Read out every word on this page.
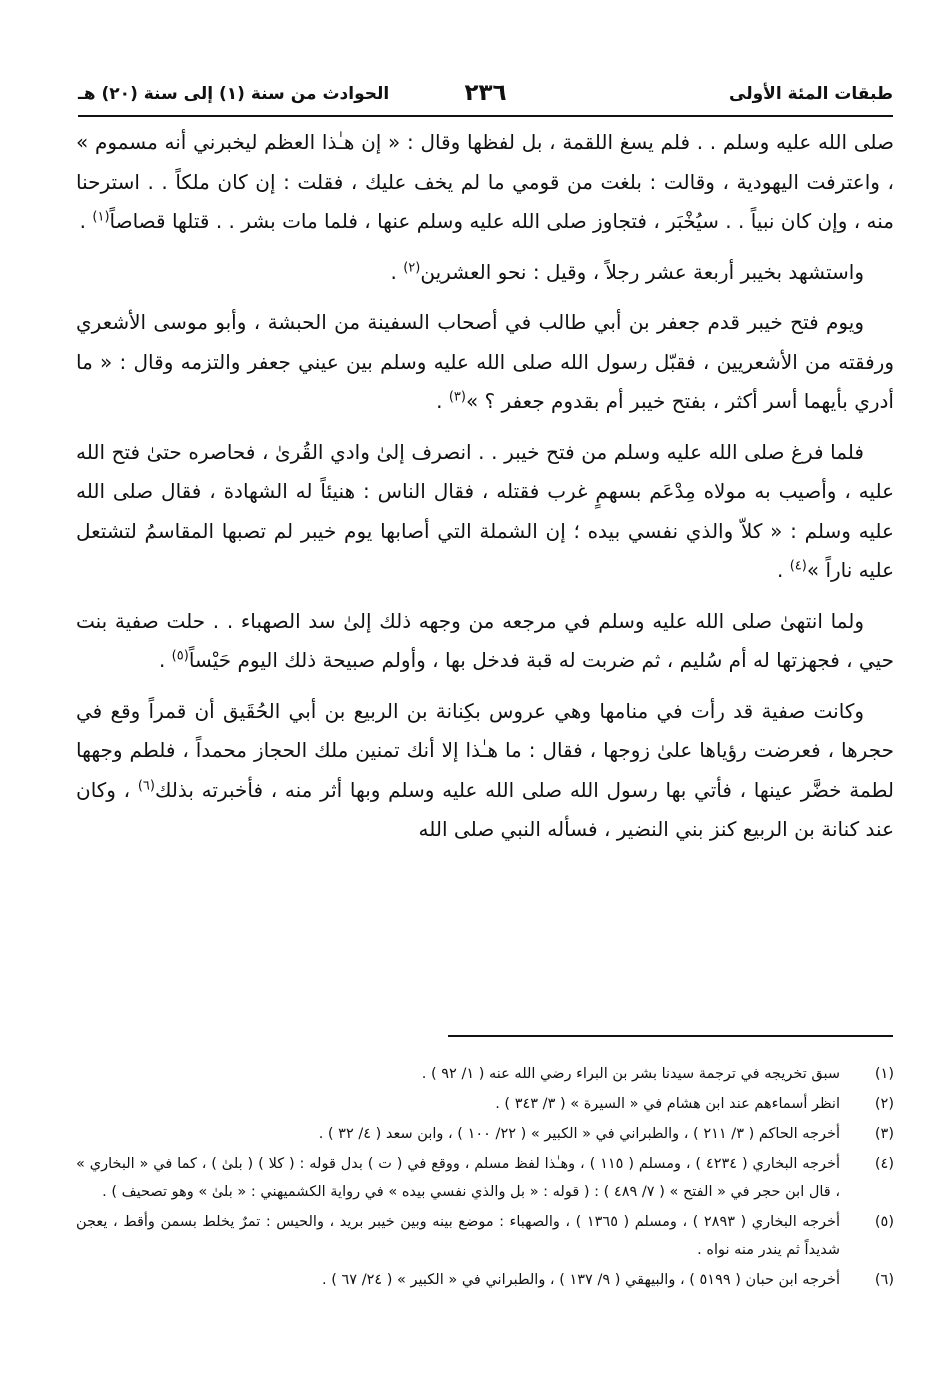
طبقات المئة الأولى
٢٣٦
الحوادث من سنة (١) إلى سنة (٢٠) هـ

صلى الله عليه وسلم . . فلم يسغ اللقمة ، بل لفظها وقال : « إن هـٰذا العظم ليخبرني أنه مسموم » ، واعترفت اليهودية ، وقالت : بلغت من قومي ما لم يخف عليك ، فقلت : إن كان ملكاً . . استرحنا منه ، وإن كان نبياً . . سيُخْبَر ، فتجاوز صلى الله عليه وسلم عنها ، فلما مات بشر . . قتلها قصاصاً$^{(١)}$ .

واستشهد بخيبر أربعة عشر رجلاً ، وقيل : نحو العشرين$^{(٢)}$ .

ويوم فتح خيبر قدم جعفر بن أبي طالب في أصحاب السفينة من الحبشة ، وأبو موسى الأشعري ورفقته من الأشعريين ، فقبّل رسول الله صلى الله عليه وسلم بين عيني جعفر والتزمه وقال : « ما أدري بأيهما أسر أكثر ، بفتح خيبر أم بقدوم جعفر ؟ »$^{(٣)}$ .

فلما فرغ صلى الله عليه وسلم من فتح خيبر . . انصرف إلىٰ وادي القُرىٰ ، فحاصره حتىٰ فتح الله عليه ، وأصيب به مولاه مِدْعَم بسهمٍ غرب فقتله ، فقال الناس : هنيئاً له الشهادة ، فقال صلى الله عليه وسلم : « كلاّ والذي نفسي بيده ؛ إن الشملة التي أصابها يوم خيبر لم تصبها المقاسمُ لتشتعل عليه ناراً »$^{(٤)}$ .

ولما انتهىٰ صلى الله عليه وسلم في مرجعه من وجهه ذلك إلىٰ سد الصهباء . . حلت صفية بنت حيي ، فجهزتها له أم سُليم ، ثم ضربت له قبة فدخل بها ، وأولم صبيحة ذلك اليوم حَيْساً$^{(٥)}$ .

وكانت صفية قد رأت في منامها وهي عروس بكِنانة بن الربيع بن أبي الحُقَيق أن قمراً وقع في حجرها ، فعرضت رؤياها علىٰ زوجها ، فقال : ما هـٰذا إلا أنك تمنين ملك الحجاز محمداً ، فلطم وجهها لطمة خضَّر عينها ، فأتي بها رسول الله صلى الله عليه وسلم وبها أثر منه ، فأخبرته بذلك$^{(٦)}$ ، وكان عند كنانة بن الربيع كنز بني النضير ، فسأله النبي صلى الله

(١)
سبق تخريجه في ترجمة سيدنا بشر بن البراء رضي الله عنه ( ١/ ٩٢ ) .
(٢)
انظر أسماءهم عند ابن هشام في « السيرة » ( ٣/ ٣٤٣ ) .
(٣)
أخرجه الحاكم ( ٣/ ٢١١ ) ، والطبراني في « الكبير » ( ٢٢/ ١٠٠ ) ، وابن سعد ( ٤/ ٣٢ ) .
(٤)
أخرجه البخاري ( ٤٢٣٤ ) ، ومسلم ( ١١٥ ) ، وهـٰذا لفظ مسلم ، ووقع في ( ت ) بدل قوله : ( كلا ) ( بلىٰ ) ، كما في « البخاري » ، قال ابن حجر في « الفتح » ( ٧/ ٤٨٩ ) : ( قوله : « بل والذي نفسي بيده » في رواية الكشميهني : « بلىٰ » وهو تصحيف ) .
(٥)
أخرجه البخاري ( ٢٨٩٣ ) ، ومسلم ( ١٣٦٥ ) ، والصهباء : موضع بينه وبين خيبر بريد ، والحيس : تمرٌ يخلط بسمن وأقط ، يعجن شديداً ثم يندر منه نواه .
(٦)
أخرجه ابن حبان ( ٥١٩٩ ) ، والبيهقي ( ٩/ ١٣٧ ) ، والطبراني في « الكبير » ( ٢٤/ ٦٧ ) .
